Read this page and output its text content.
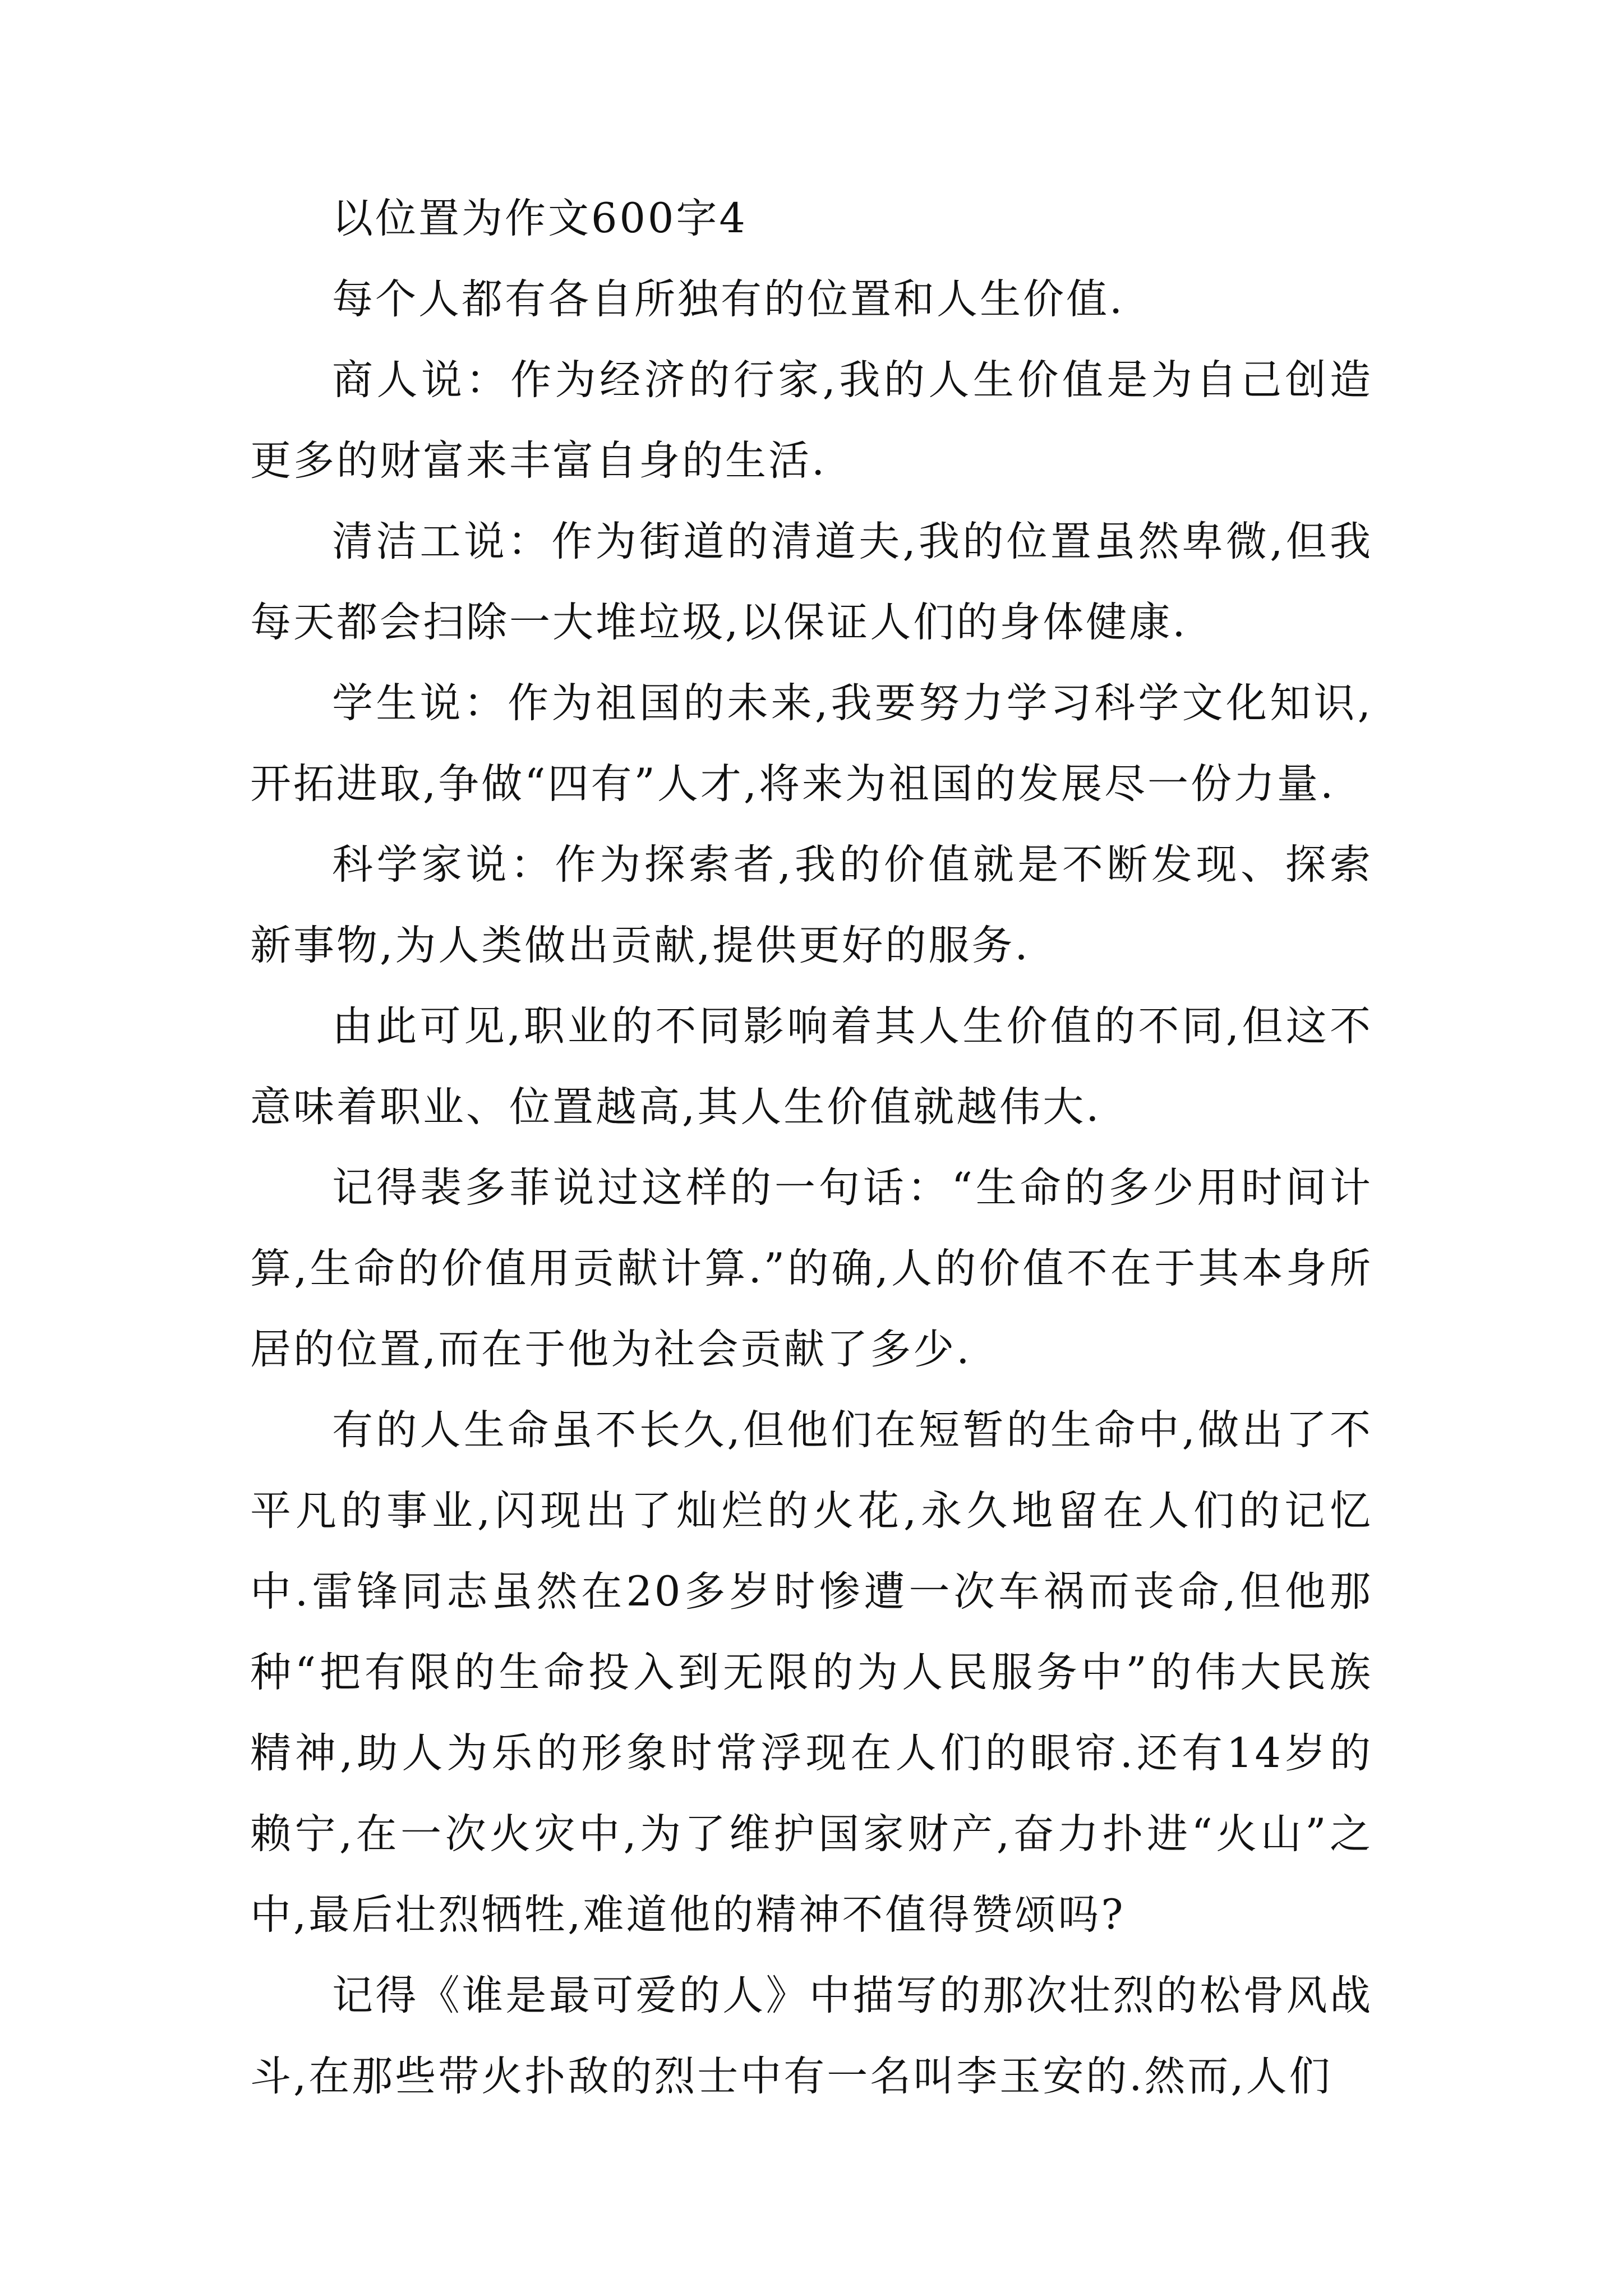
以位置为作文600字4

每个人都有各自所独有的位置和人生价值.

商人说：作为经济的行家,我的人生价值是为自己创造更多的财富来丰富自身的生活.

清洁工说：作为街道的清道夫,我的位置虽然卑微,但我每天都会扫除一大堆垃圾,以保证人们的身体健康.

学生说：作为祖国的未来,我要努力学习科学文化知识,开拓进取,争做“四有”人才,将来为祖国的发展尽一份力量.

科学家说：作为探索者,我的价值就是不断发现、探索新事物,为人类做出贡献,提供更好的服务.

由此可见,职业的不同影响着其人生价值的不同,但这不意味着职业、位置越高,其人生价值就越伟大.

记得裴多菲说过这样的一句话：“生命的多少用时间计算,生命的价值用贡献计算.”的确,人的价值不在于其本身所居的位置,而在于他为社会贡献了多少.

有的人生命虽不长久,但他们在短暂的生命中,做出了不平凡的事业,闪现出了灿烂的火花,永久地留在人们的记忆中.雷锋同志虽然在20多岁时惨遭一次车祸而丧命,但他那种“把有限的生命投入到无限的为人民服务中”的伟大民族精神,助人为乐的形象时常浮现在人们的眼帘.还有14岁的赖宁,在一次火灾中,为了维护国家财产,奋力扑进“火山”之中,最后壮烈牺牲,难道他的精神不值得赞颂吗?

记得《谁是最可爱的人》中描写的那次壮烈的松骨风战斗,在那些带火扑敌的烈士中有一名叫李玉安的.然而,人们
